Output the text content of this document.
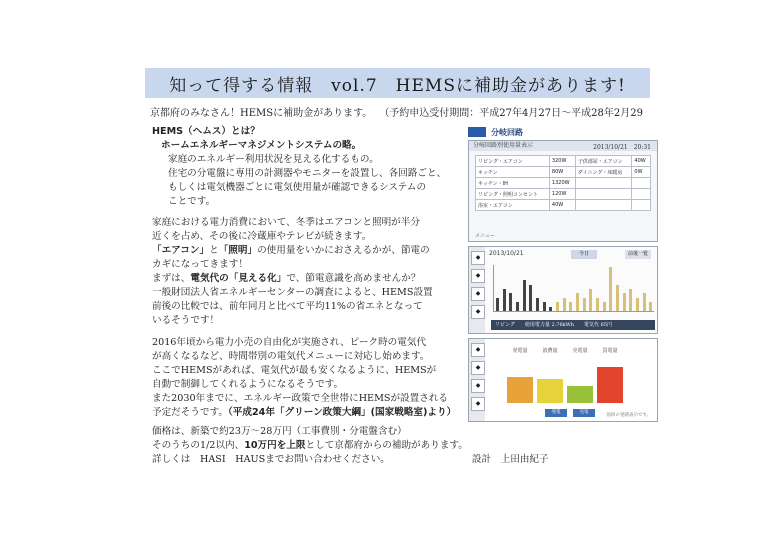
知って得する情報　vol.7　HEMSに補助金があります!
京都府のみなさん！HEMSに補助金があります。 （予約申込受付期間：平成27年4月27日～平成28年2月29
HEMS（ヘムス）とは？
ホームエネルギーマネジメントシステムの略。
家庭のエネルギー利用状況を見える化するもの。
住宅の分電盤に専用の計測器やモニターを設置し、各回路ごと、
もしくは電気機器ごとに電気使用量が確認できるシステムの
ことです。
家庭における電力消費において、冬季はエアコンと照明が半分
近くを占め、その後に冷蔵庫やテレビが続きます。
「エアコン」と「照明」の使用量をいかにおさえるかが、節電の
カギになってきます！
まずは、電気代の「見える化」で、節電意識を高めませんか？
一般財団法人省エネルギーセンターの調査によると、HEMS設置
前後の比較では、前年同月と比べて平均11%の省エネとなって
いるそうです！
2016年頃から電力小売の自由化が実施され、ピーク時の電気代
が高くなるなど、時間帯別の電気代メニューに対応し始めます。
ここでHEMSがあれば、電気代が最も安くなるように、HEMSが
自動で制御してくれるようになるそうです。
また2030年までに、エネルギー政策で全世帯にHEMSが設置される
予定だそうです。（平成24年「グリーン政策大綱」(国家戦略室)より）
価格は、新築で約23万～28万円（工事費別・分電盤含む）
そのうちの1/2以内、10万円を上限として京都府からの補助があります。
詳しくは　HASI　HAUSまでお問い合わせください。	設計　上田由紀子
分岐回路
分岐回路別使用量表示	2013/10/21　20:31
リビング・エアコン	320W	子供部屋・エアコン	40W
キッチン	80W	ダイニング・床暖房	0W
キッチン・IH	1320W		
リビング・照明コンセント	120W		
浴室・エアコン	40W		
メニュー
◆
◆
◆
◆
2013/10/21	今日	前後一覧
リビング　　使用電力量 2.76kWh　　電気代 65円
◆
◆
◆
◆
発電	売電
前回の実績表示です。
発電量	消費量	売電量	買電量
